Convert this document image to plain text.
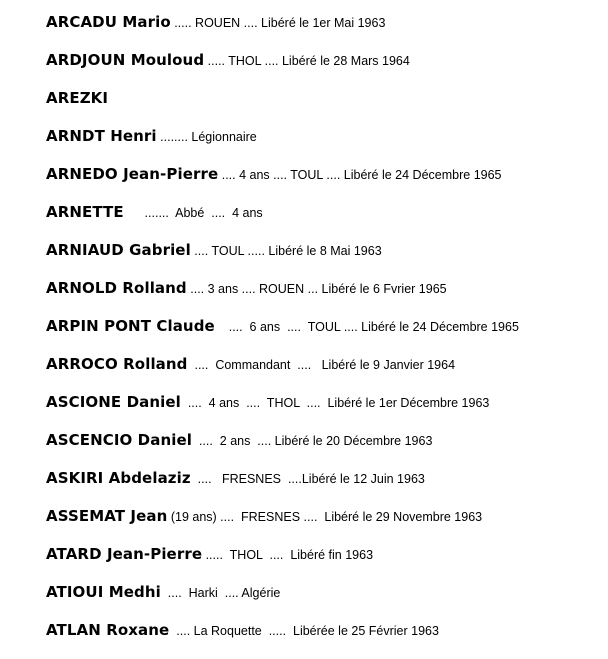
ARCADU Mario ..... ROUEN .... Libéré le 1er Mai 1963
ARDJOUN Mouloud ..... THOL .... Libéré le 28 Mars 1964
AREZKI
ARNDT Henri ........ Légionnaire
ARNEDO Jean-Pierre .... 4 ans .... TOUL .... Libéré le 24 Décembre 1965
ARNETTE      .......  Abbé  ....  4 ans
ARNIAUD Gabriel .... TOUL ..... Libéré le 8 Mai 1963
ARNOLD Rolland .... 3 ans .... ROUEN ... Libéré le 6 Fvrier 1965
ARPIN PONT Claude    ....  6 ans  ....  TOUL .... Libéré le 24 Décembre 1965
ARROCO Rolland  ....  Commandant  ....   Libéré le 9 Janvier 1964
ASCIONE Daniel  ....  4 ans  ....  THOL  ....  Libéré le 1er Décembre 1963
ASCENCIO Daniel  ....  2 ans  .... Libéré le 20 Décembre 1963
ASKIRI Abdelaziz  ....   FRESNES  ....Libéré le 12 Juin 1963
ASSEMAT Jean (19 ans) ....  FRESNES ....  Libéré le 29 Novembre 1963
ATARD Jean-Pierre .....  THOL  ....  Libéré fin 1963
ATIOUI Medhi  ....  Harki  .... Algérie
ATLAN Roxane  .... La Roquette  .....  Libérée le 25 Février 1963
